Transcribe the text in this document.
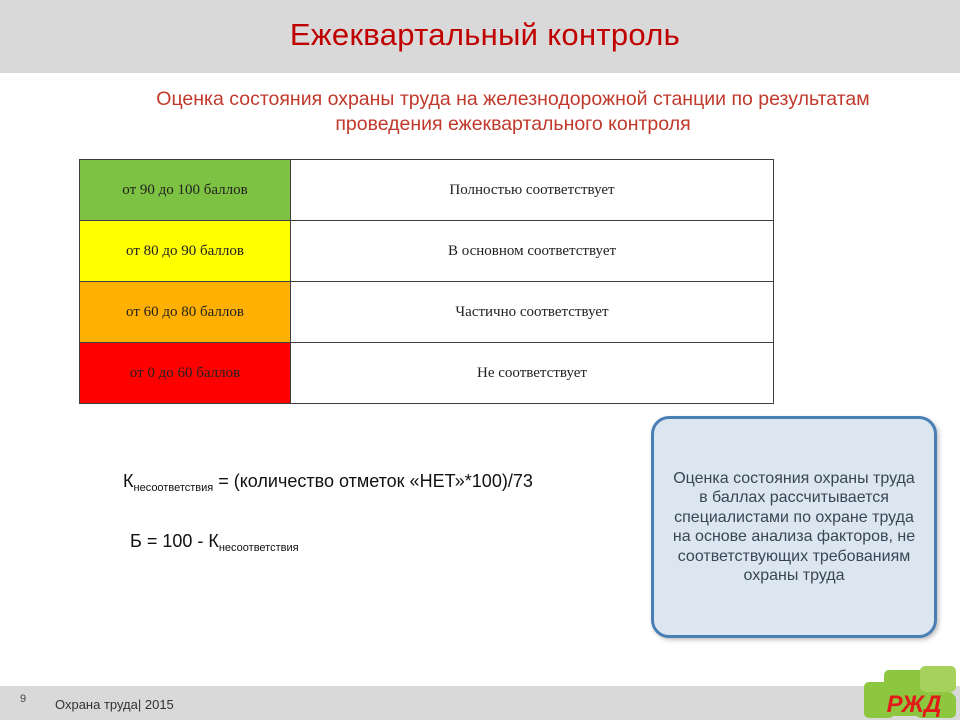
Ежеквартальный контроль
Оценка состояния охраны труда на железнодорожной станции по результатам проведения ежеквартального контроля
от 90 до 100 баллов	Полностью соответствует
от 80 до 90 баллов	В основном соответствует
от 60 до 80 баллов	Частично соответствует
от 0 до 60 баллов	Не соответствует
$К_{несоответствия}$ = (количество отметок «НЕТ»*100)/73
$Б = 100 - К_{несоответствия}$
Оценка состояния охраны труда в баллах рассчитывается специалистами по охране труда на основе анализа факторов, не соответствующих требованиям охраны труда
9 Охрана труда| 2015	РЖД
